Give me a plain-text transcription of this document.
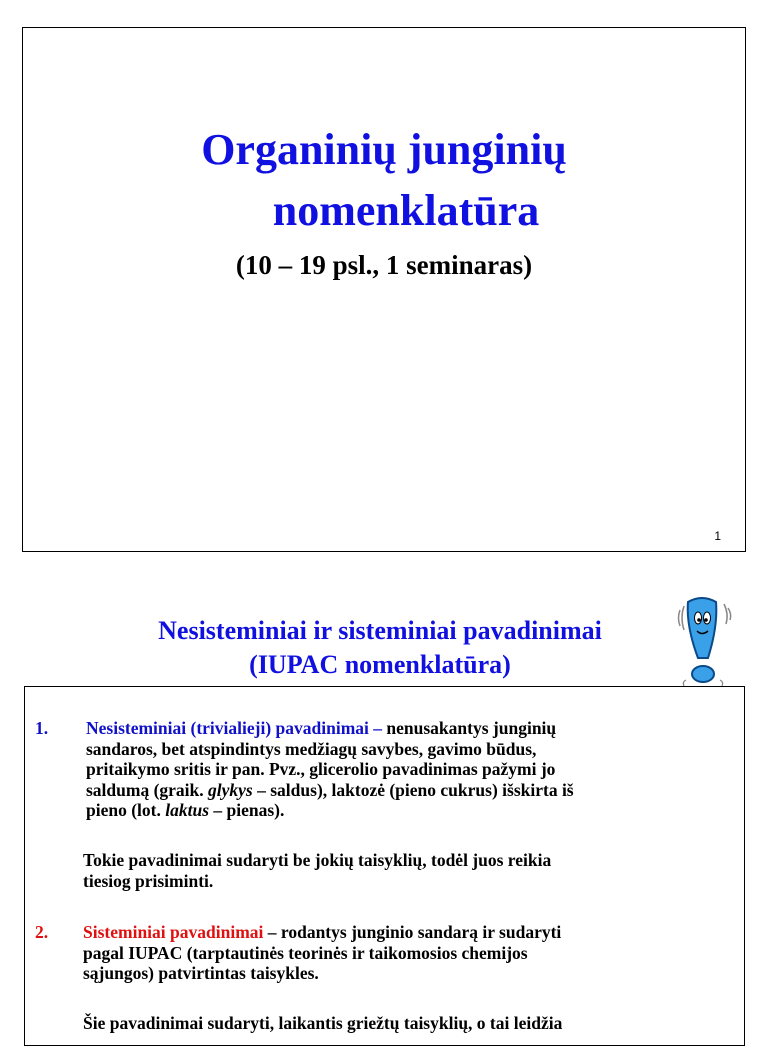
Organinių junginių
nomenklatūra
(10 – 19 psl., 1 seminaras)
1
Nesisteminiai ir sisteminiai pavadinimai
(IUPAC nomenklatūra)
1. Nesisteminiai (trivialieji) pavadinimai – nenusakantys junginių
sandaros, bet atspindintys medžiagų savybes, gavimo būdus,
pritaikymo sritis ir pan. Pvz., glicerolio pavadinimas pažymi jo
saldumą (graik. glykys – saldus), laktozė (pieno cukrus) išskirta iš
pieno (lot. laktus – pienas).
Tokie pavadinimai sudaryti be jokių taisyklių, todėl juos reikia
tiesiog prisiminti.
2. Sisteminiai pavadinimai – rodantys junginio sandarą ir sudaryti
pagal IUPAC (tarptautinės teorinės ir taikomosios chemijos
sąjungos) patvirtintas taisykles.
Šie pavadinimai sudaryti, laikantis griežtų taisyklių, o tai leidžia
